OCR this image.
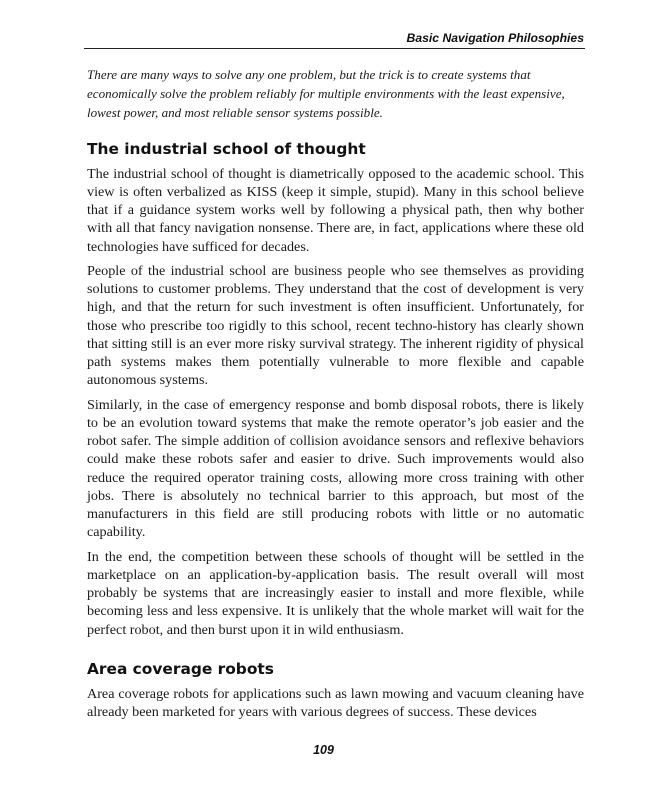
Basic Navigation Philosophies

There are many ways to solve any one problem, but the trick is to create systems that economically solve the problem reliably for multiple environments with the least expensive, lowest power, and most reliable sensor systems possible.

The industrial school of thought

The industrial school of thought is diametrically opposed to the academic school. This view is often verbalized as KISS (keep it simple, stupid). Many in this school believe that if a guidance system works well by following a physical path, then why bother with all that fancy navigation nonsense. There are, in fact, applications where these old technologies have sufficed for decades.

People of the industrial school are business people who see themselves as providing solutions to customer problems. They understand that the cost of development is very high, and that the return for such investment is often insufficient. Unfortunately, for those who prescribe too rigidly to this school, recent techno-history has clearly shown that sitting still is an ever more risky survival strategy. The inherent rigidity of physical path systems makes them potentially vulnerable to more flexible and capable autonomous systems.

Similarly, in the case of emergency response and bomb disposal robots, there is likely to be an evolution toward systems that make the remote operator’s job easier and the robot safer. The simple addition of collision avoidance sensors and reflexive behaviors could make these robots safer and easier to drive. Such improvements would also reduce the required operator training costs, allowing more cross training with other jobs. There is absolutely no technical barrier to this approach, but most of the manufacturers in this field are still producing robots with little or no automatic capability.

In the end, the competition between these schools of thought will be settled in the marketplace on an application-by-application basis. The result overall will most probably be systems that are increasingly easier to install and more flexible, while becoming less and less expensive. It is unlikely that the whole market will wait for the perfect robot, and then burst upon it in wild enthusiasm.

Area coverage robots

Area coverage robots for applications such as lawn mowing and vacuum cleaning have already been marketed for years with various degrees of success. These devices

109
